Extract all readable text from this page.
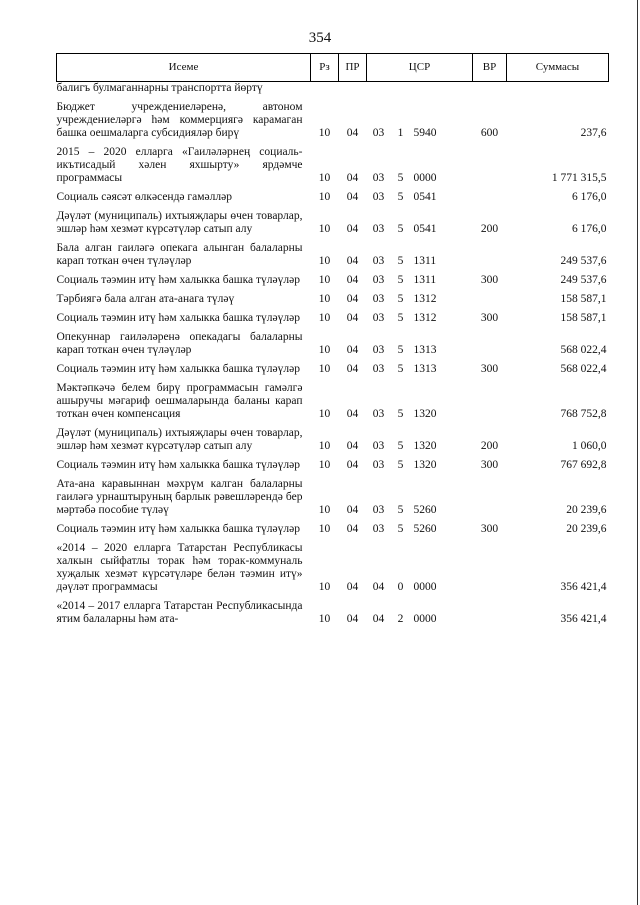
354
Исеме	Рз	ПР	ЦСР			ВР	Суммасы
балигъ булмаганнарны транспортта йөртү							
Бюджет учреждениеләренә, автоном учреждениеләргә һәм коммерциягә карамаган башка оешмаларга субсидияләр бирү	10	04	03	1	5940	600	237,6
2015 – 2020 елларга «Гаиләләрнең социаль-икътисадый хәлен яхшырту» ярдәмче программасы	10	04	03	5	0000		1 771 315,5
Социаль сәясәт өлкәсендә гамәлләр	10	04	03	5	0541		6 176,0
Дәүләт (муниципаль) ихтыяҗлары өчен товарлар, эшләр һәм хезмәт күрсәтүләр сатып алу	10	04	03	5	0541	200	6 176,0
Бала алган гаиләгә опекага алынган балаларны карап тоткан өчен түләүләр	10	04	03	5	1311		249 537,6
Социаль тәэмин итү һәм халыкка башка түләүләр	10	04	03	5	1311	300	249 537,6
Тәрбиягә бала алган ата-анага түләү	10	04	03	5	1312		158 587,1
Социаль тәэмин итү һәм халыкка башка түләүләр	10	04	03	5	1312	300	158 587,1
Опекуннар гаиләләренә опекадагы балаларны карап тоткан өчен түләүләр	10	04	03	5	1313		568 022,4
Социаль тәэмин итү һәм халыкка башка түләүләр	10	04	03	5	1313	300	568 022,4
Мәктәпкәчә белем бирү программасын гамәлгә ашыручы мәгариф оешмаларында баланы карап тоткан өчен компенсация	10	04	03	5	1320		768 752,8
Дәүләт (муниципаль) ихтыяҗлары өчен товарлар, эшләр һәм хезмәт күрсәтүләр сатып алу	10	04	03	5	1320	200	1 060,0
Социаль тәэмин итү һәм халыкка башка түләүләр	10	04	03	5	1320	300	767 692,8
Ата-ана каравыннан мәхрүм калган балаларны гаиләгә урнаштыруның барлык рәвешләрендә бер мәртәбә пособие түләү	10	04	03	5	5260		20 239,6
Социаль тәэмин итү һәм халыкка башка түләүләр	10	04	03	5	5260	300	20 239,6
«2014 – 2020 елларга Татарстан Республикасы халкын сыйфатлы торак һәм торак-коммуналь хуҗалык хезмәт күрсәтүләре белән тәэмин итү» дәүләт программасы	10	04	04	0	0000		356 421,4
«2014 – 2017 елларга Татарстан Республикасында ятим балаларны һәм ата-	10	04	04	2	0000		356 421,4
